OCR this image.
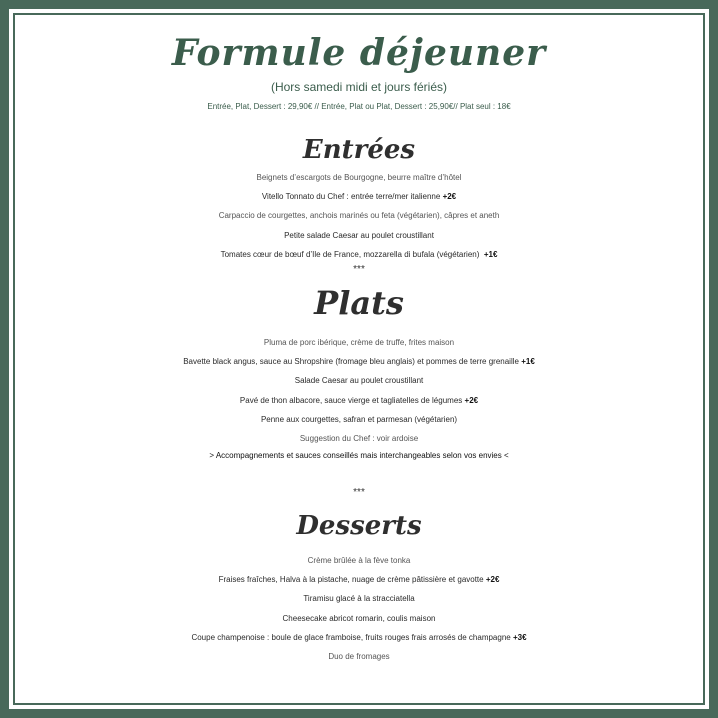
Formule déjeuner
(Hors samedi midi et jours fériés)
Entrée, Plat, Dessert : 29,90€ // Entrée, Plat ou Plat, Dessert : 25,90€// Plat seul : 18€
Entrées
Beignets d’escargots de Bourgogne, beurre maître d’hôtel
Vitello Tonnato du Chef : entrée terre/mer italienne +2€
Carpaccio de courgettes, anchois marinés ou feta (végétarien), câpres et aneth
Petite salade Caesar au poulet croustillant
Tomates cœur de bœuf d’Ile de France, mozzarella di bufala (végétarien) +1€
***
Plats
Pluma de porc ibérique, crème de truffe, frites maison
Bavette black angus, sauce au Shropshire (fromage bleu anglais) et pommes de terre grenaille +1€
Salade Caesar au poulet croustillant
Pavé de thon albacore, sauce vierge et tagliatelles de légumes +2€
Penne aux courgettes, safran et parmesan (végétarien)
Suggestion du Chef : voir ardoise
> Accompagnements et sauces conseillés mais interchangeables selon vos envies <
***
Desserts
Crème brûlée à la fève tonka
Fraises fraîches, Halva à la pistache, nuage de crème pâtissière et gavotte +2€
Tiramisu glacé à la stracciatella
Cheesecake abricot romarin, coulis maison
Coupe champenoise : boule de glace framboise, fruits rouges frais arrosés de champagne +3€
Duo de fromages
